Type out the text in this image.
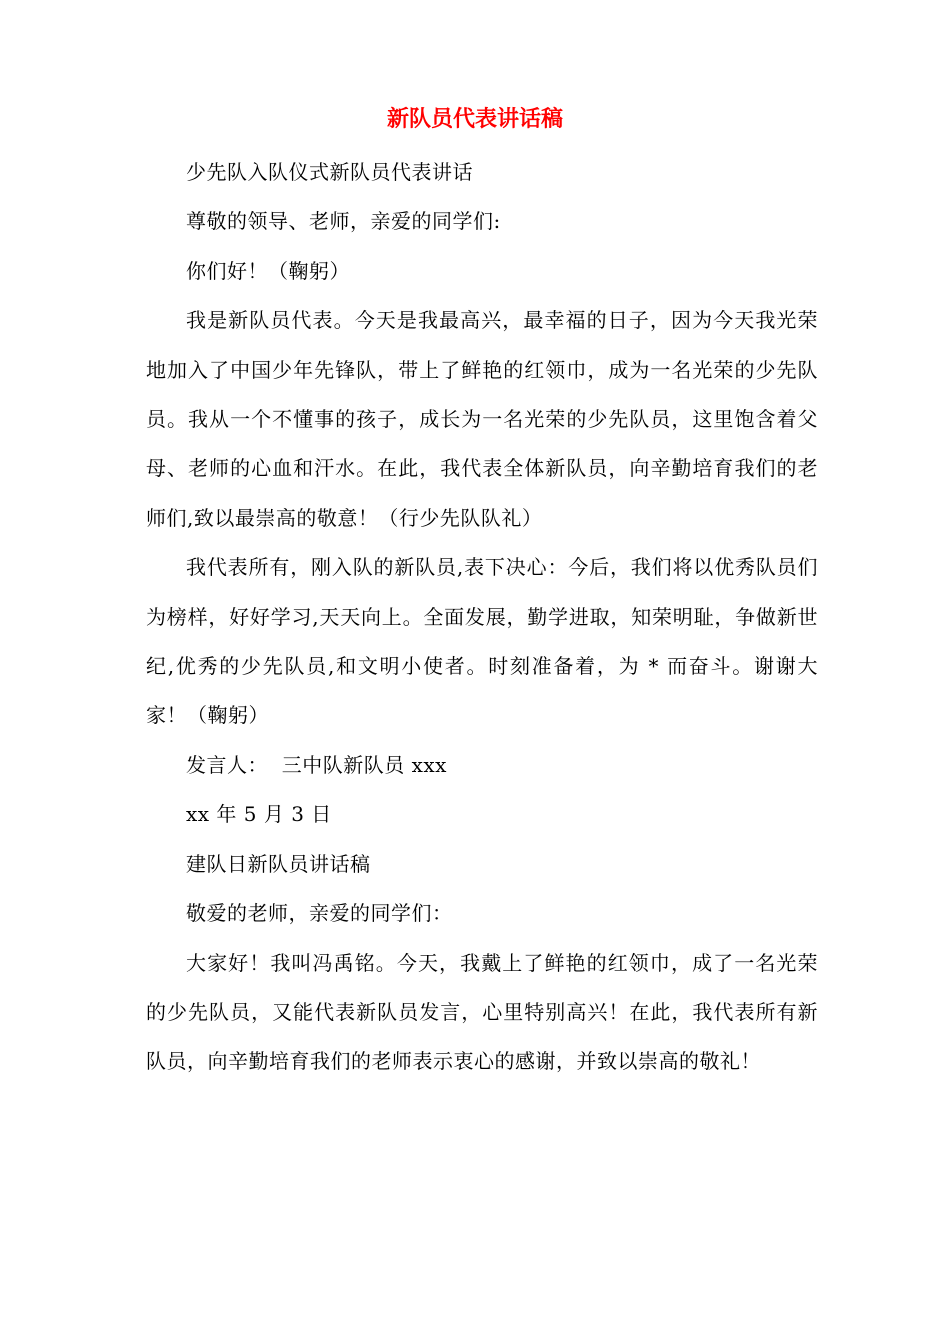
新队员代表讲话稿

少先队入队仪式新队员代表讲话

尊敬的领导、老师，亲爱的同学们:

你们好！（鞠躬）

我是新队员代表。今天是我最高兴，最幸福的日子，因为今天我光荣地加入了中国少年先锋队，带上了鲜艳的红领巾，成为一名光荣的少先队员。我从一个不懂事的孩子，成长为一名光荣的少先队员，这里饱含着父母、老师的心血和汗水。在此，我代表全体新队员，向辛勤培育我们的老师们,致以最崇高的敬意！（行少先队队礼）

我代表所有，刚入队的新队员,表下决心：今后，我们将以优秀队员们为榜样，好好学习,天天向上。全面发展，勤学进取，知荣明耻，争做新世纪,优秀的少先队员,和文明小使者。时刻准备着，为 * 而奋斗。谢谢大家！（鞠躬）

发言人：  三中队新队员 xxx

xx 年 5 月 3 日

建队日新队员讲话稿

敬爱的老师，亲爱的同学们：

大家好！我叫冯禹铭。今天，我戴上了鲜艳的红领巾，成了一名光荣的少先队员，又能代表新队员发言，心里特别高兴！在此，我代表所有新队员，向辛勤培育我们的老师表示衷心的感谢，并致以崇高的敬礼！
